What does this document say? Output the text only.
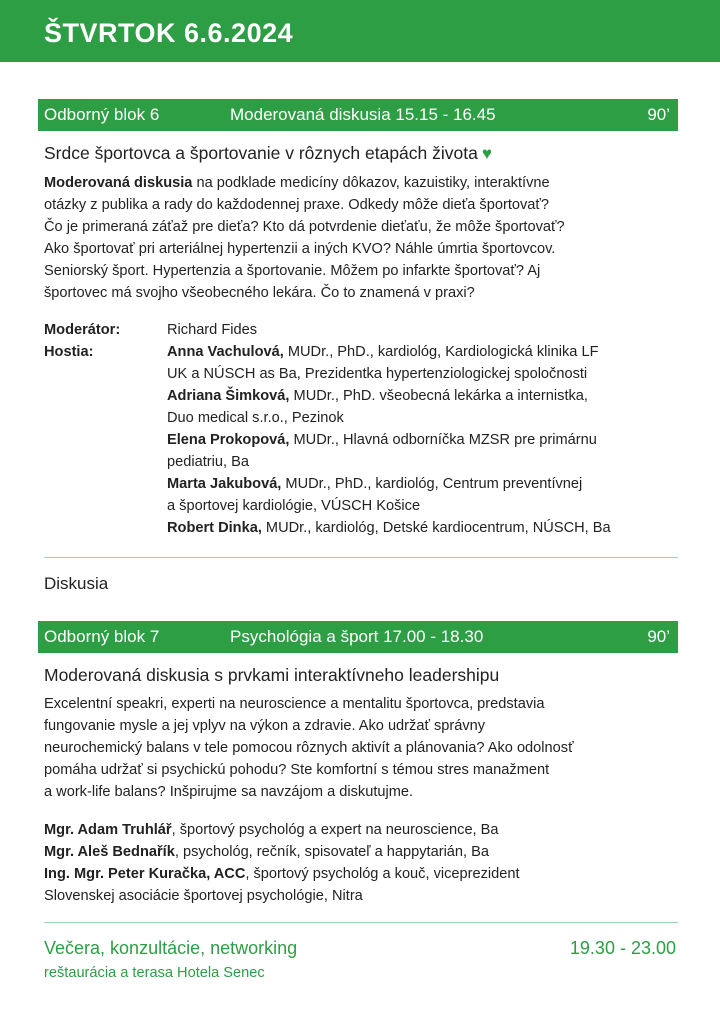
ŠTVRTOK 6.6.2024
Odborný blok 6	Moderovaná diskusia 15.15 - 16.45	90’
Srdce športovca a športovanie v rôznych etapách života ♥
Moderovaná diskusia na podklade medicíny dôkazov, kazuistiky, interaktívne
otázky z publika a rady do každodennej praxe. Odkedy môže dieťa športovať?
Čo je primeraná záťaž pre dieťa? Kto dá potvrdenie dieťaťu, že môže športovať?
Ako športovať pri arteriálnej hypertenzii a iných KVO? Náhle úmrtia športovcov.
Seniorský šport. Hypertenzia a športovanie. Môžem po infarkte športovať? Aj
športovec má svojho všeobecného lekára. Čo to znamená v praxi?
Moderátor:	Richard Fides
Hostia:	Anna Vachulová, MUDr., PhD., kardiológ, Kardiologická klinika LF
UK a NÚSCH as Ba, Prezidentka hypertenziologickej spoločnosti
Adriana Šimková, MUDr., PhD. všeobecná lekárka a internistka,
Duo medical s.r.o., Pezinok
Elena Prokopová, MUDr., Hlavná odborníčka MZSR pre primárnu
pediatriu, Ba
Marta Jakubová, MUDr., PhD., kardiológ, Centrum preventívnej
a športovej kardiológie, VÚSCH Košice
Robert Dinka, MUDr., kardiológ, Detské kardiocentrum, NÚSCH, Ba
Diskusia
Odborný blok 7	Psychológia a šport 17.00 - 18.30	90’
Moderovaná diskusia s prvkami interaktívneho leadershipu
Excelentní speakri, experti na neuroscience a mentalitu športovca, predstavia
fungovanie mysle a jej vplyv na výkon a zdravie. Ako udržať správny
neurochemický balans v tele pomocou rôznych aktivít a plánovania? Ako odolnosť
pomáha udržať si psychickú pohodu? Ste komfortní s témou stres manažment
a work-life balans? Inšpirujme sa navzájom a diskutujme.
Mgr. Adam Truhlář, športový psychológ a expert na neuroscience, Ba
Mgr. Aleš Bednařík, psychológ, rečník, spisovateľ a happytarián, Ba
Ing. Mgr. Peter Kuračka, ACC, športový psychológ a kouč, viceprezident
Slovenskej asociácie športovej psychológie, Nitra
Večera, konzultácie, networking	19.30 - 23.00
reštaurácia a terasa Hotela Senec
